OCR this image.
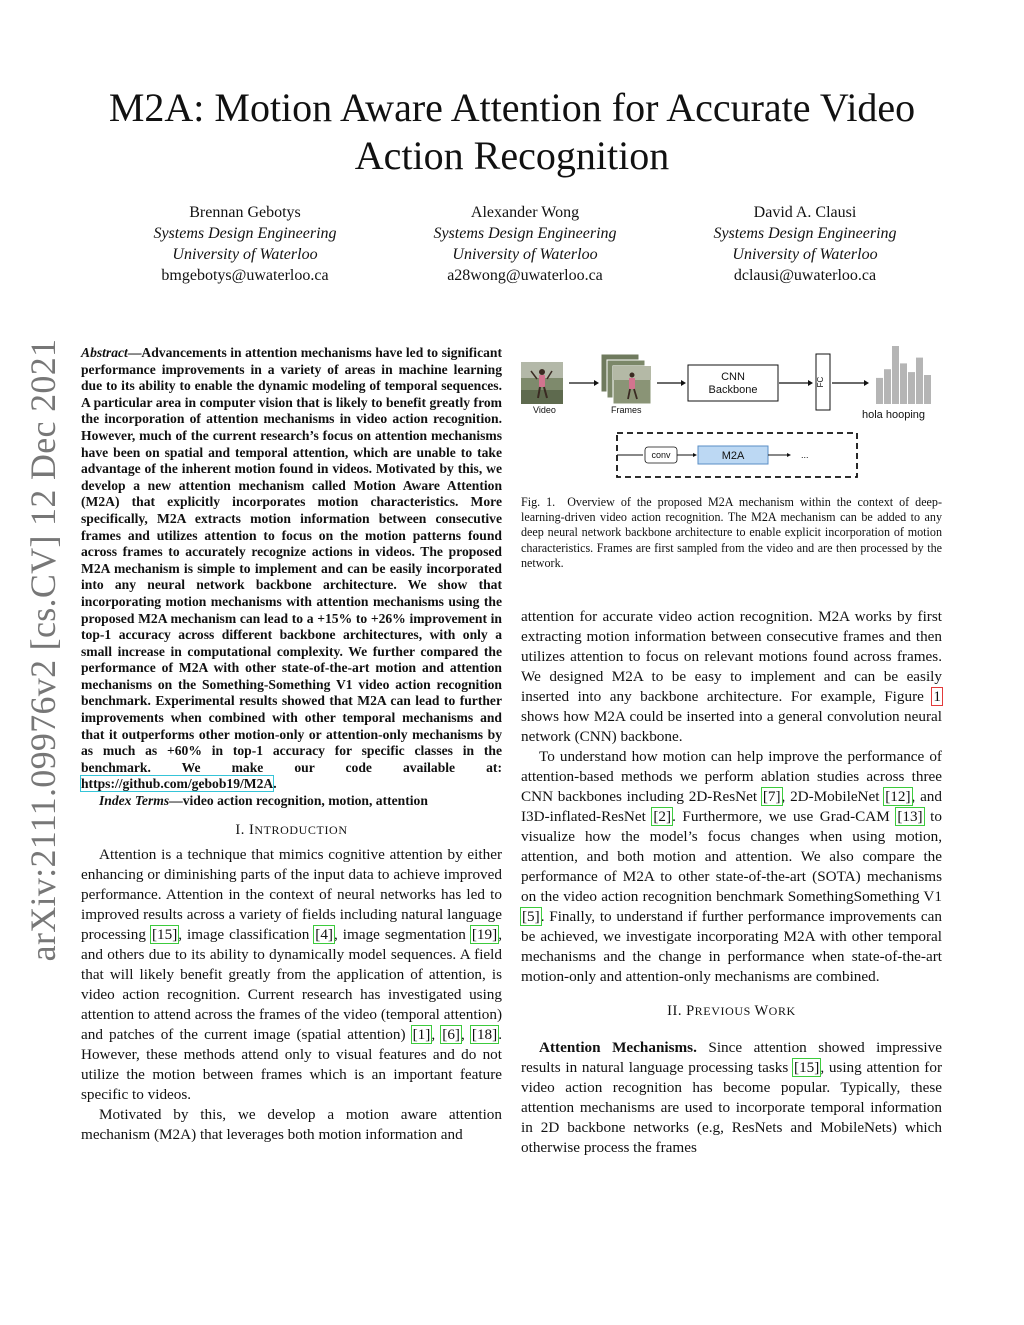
arXiv:2111.09976v2 [cs.CV] 12 Dec 2021
M2A: Motion Aware Attention for Accurate Video
Action Recognition
Brennan Gebotys
Systems Design Engineering
University of Waterloo
bmgebotys@uwaterloo.ca
Alexander Wong
Systems Design Engineering
University of Waterloo
a28wong@uwaterloo.ca
David A. Clausi
Systems Design Engineering
University of Waterloo
dclausi@uwaterloo.ca
Abstract—Advancements in attention mechanisms have led to significant performance improvements in a variety of areas in machine learning due to its ability to enable the dynamic modeling of temporal sequences. A particular area in computer vision that is likely to benefit greatly from the incorporation of attention mechanisms in video action recognition. However, much of the current research’s focus on attention mechanisms have been on spatial and temporal attention, which are unable to take advantage of the inherent motion found in videos. Motivated by this, we develop a new attention mechanism called Motion Aware Attention (M2A) that explicitly incorporates motion characteristics. More specifically, M2A extracts motion information between consecutive frames and utilizes attention to focus on the motion patterns found across frames to accurately recognize actions in videos. The proposed M2A mechanism is simple to implement and can be easily incorporated into any neural network backbone architecture. We show that incorporating motion mechanisms with attention mechanisms using the proposed M2A mechanism can lead to a +15% to +26% improvement in top-1 accuracy across different backbone architectures, with only a small increase in computational complexity. We further compared the performance of M2A with other state-of-the-art motion and attention mechanisms on the Something-Something V1 video action recognition benchmark. Experimental results showed that M2A can lead to further improvements when combined with other temporal mechanisms and that it outperforms other motion-only or attention-only mechanisms by as much as +60% in top-1 accuracy for specific classes in the benchmark. We make our code available at: https://github.com/gebob19/M2A.
Index Terms—video action recognition, motion, attention
I. INTRODUCTION

Attention is a technique that mimics cognitive attention by either enhancing or diminishing parts of the input data to achieve improved performance. Attention in the context of neural networks has led to improved results across a variety of fields including natural language processing [15], image classification [4], image segmentation [19], and others due to its ability to dynamically model sequences. A field that will likely benefit greatly from the application of attention, is video action recognition. Current research has investigated using attention to attend across the frames of the video (temporal attention) and patches of the current image (spatial attention) [1], [6], [18]. However, these methods attend only to visual features and do not utilize the motion between frames which is an important feature specific to videos.

Motivated by this, we develop a motion aware attention mechanism (M2A) that leverages both motion information and

Video	Frames
CNN
Backbone
FC
hola hooping
conv	M2A	...
Fig. 1. Overview of the proposed M2A mechanism within the context of deep-learning-driven video action recognition. The M2A mechanism can be added to any deep neural network backbone architecture to enable explicit incorporation of motion characteristics. Frames are first sampled from the video and are then processed by the network.

attention for accurate video action recognition. M2A works by first extracting motion information between consecutive frames and then utilizes attention to focus on relevant motions found across frames. We designed M2A to be easy to implement and can be easily inserted into any backbone architecture. For example, Figure 1 shows how M2A could be inserted into a general convolution neural network (CNN) backbone.

To understand how motion can help improve the performance of attention-based methods we perform ablation studies across three CNN backbones including 2D-ResNet [7], 2D-MobileNet [12], and I3D-inflated-ResNet [2]. Furthermore, we use Grad-CAM [13] to visualize how the model’s focus changes when using motion, attention, and both motion and attention. We also compare the performance of M2A to other state-of-the-art (SOTA) mechanisms on the video action recognition benchmark SomethingSomething V1 [5]. Finally, to understand if further performance improvements can be achieved, we investigate incorporating M2A with other temporal mechanisms and the change in performance when state-of-the-art motion-only and attention-only mechanisms are combined.

II. PREVIOUS WORK

Attention Mechanisms. Since attention showed impressive results in natural language processing tasks [15], using attention for video action recognition has become popular. Typically, these attention mechanisms are used to incorporate temporal information in 2D backbone networks (e.g, ResNets and MobileNets) which otherwise process the frames
